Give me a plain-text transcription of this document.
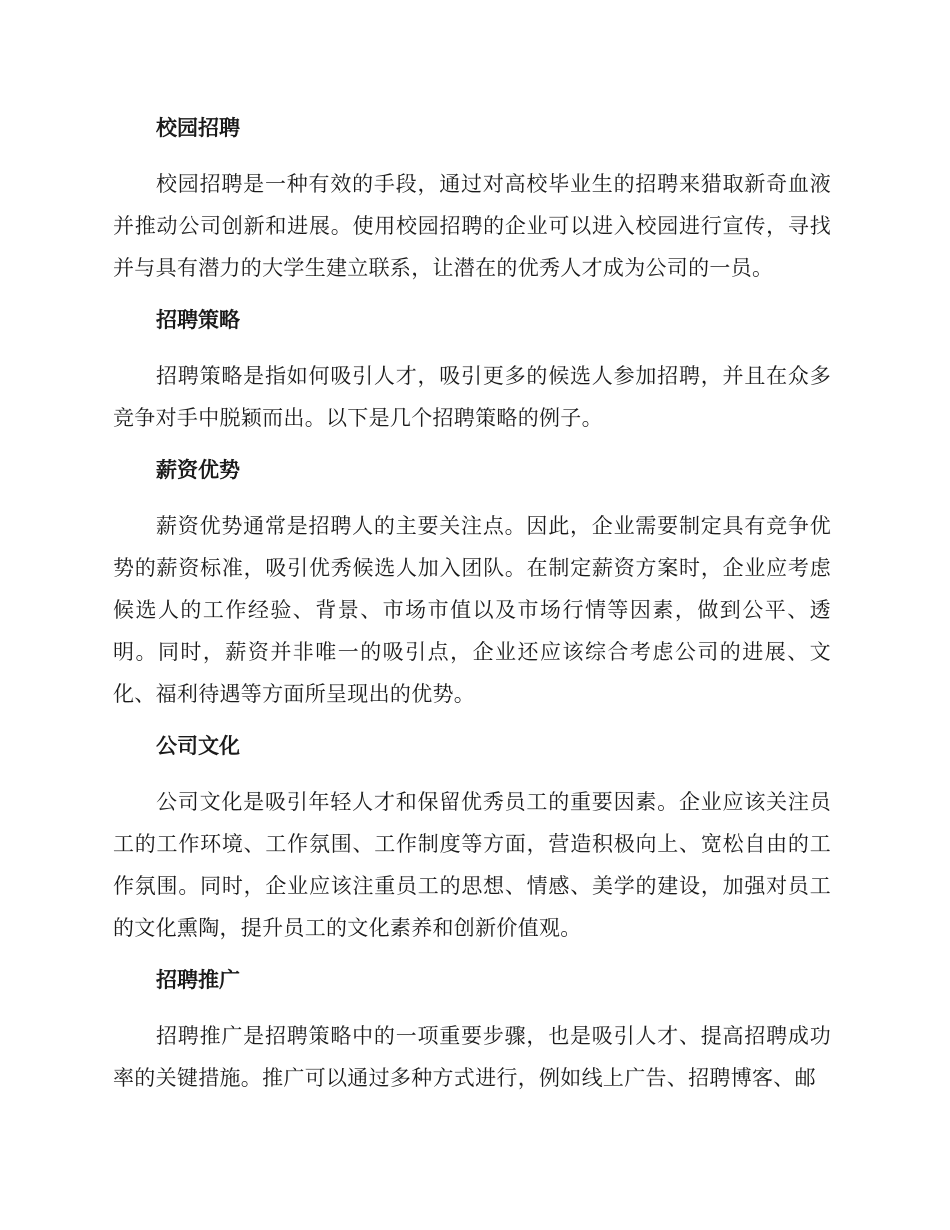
校园招聘

校园招聘是一种有效的手段，通过对高校毕业生的招聘来猎取新奇血液并推动公司创新和进展。使用校园招聘的企业可以进入校园进行宣传，寻找并与具有潜力的大学生建立联系，让潜在的优秀人才成为公司的一员。

招聘策略

招聘策略是指如何吸引人才，吸引更多的候选人参加招聘，并且在众多竞争对手中脱颖而出。以下是几个招聘策略的例子。

薪资优势

薪资优势通常是招聘人的主要关注点。因此，企业需要制定具有竞争优势的薪资标准，吸引优秀候选人加入团队。在制定薪资方案时，企业应考虑候选人的工作经验、背景、市场市值以及市场行情等因素，做到公平、透明。同时，薪资并非唯一的吸引点，企业还应该综合考虑公司的进展、文化、福利待遇等方面所呈现出的优势。

公司文化

公司文化是吸引年轻人才和保留优秀员工的重要因素。企业应该关注员工的工作环境、工作氛围、工作制度等方面，营造积极向上、宽松自由的工作氛围。同时，企业应该注重员工的思想、情感、美学的建设，加强对员工的文化熏陶，提升员工的文化素养和创新价值观。

招聘推广

招聘推广是招聘策略中的一项重要步骤，也是吸引人才、提高招聘成功率的关键措施。推广可以通过多种方式进行，例如线上广告、招聘博客、邮
